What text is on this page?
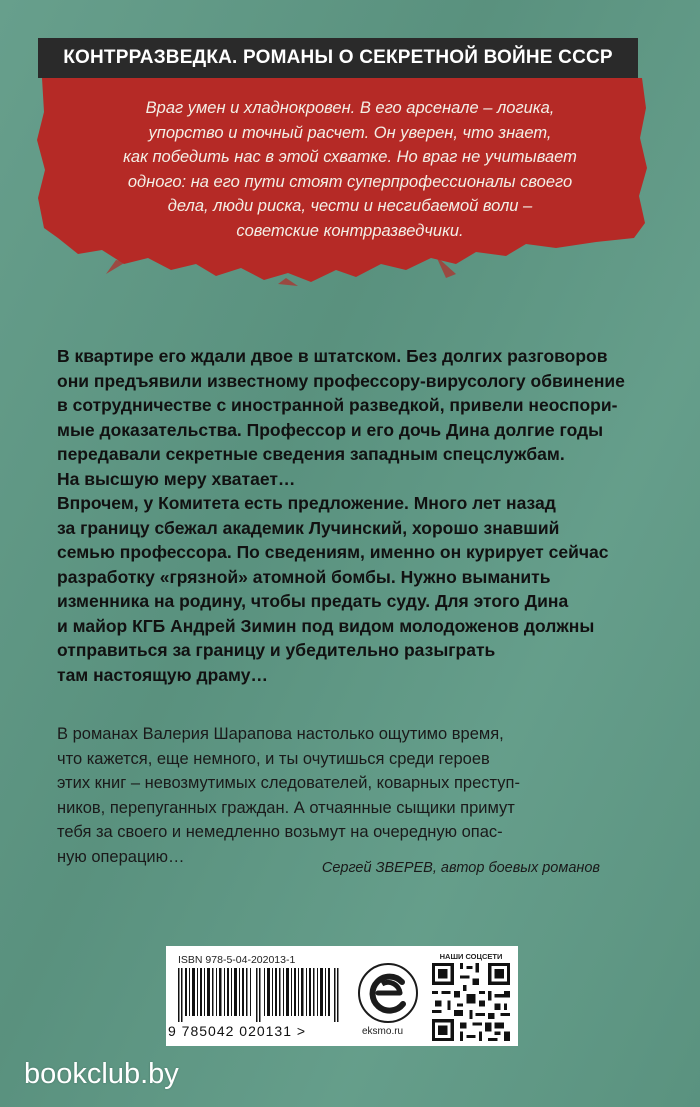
КОНТРРАЗВЕДКА. РОМАНЫ О СЕКРЕТНОЙ ВОЙНЕ СССР
Враг умен и хладнокровен. В его арсенале – логика,
упорство и точный расчет. Он уверен, что знает,
как победить нас в этой схватке. Но враг не учитывает
одного: на его пути стоят суперпрофессионалы своего
дела, люди риска, чести и несгибаемой воли –
советские контрразведчики.

В квартире его ждали двое в штатском. Без долгих разговоров

они предъявили известному профессору-вирусологу обвинение

в сотрудничестве с иностранной разведкой, привели неоспори-

мые доказательства. Профессор и его дочь Дина долгие годы

передавали секретные сведения западным спецслужбам.

На высшую меру хватает…

Впрочем, у Комитета есть предложение. Много лет назад

за границу сбежал академик Лучинский, хорошо знавший

семью профессора. По сведениям, именно он курирует сейчас

разработку «грязной» атомной бомбы. Нужно выманить

изменника на родину, чтобы предать суду. Для этого Дина

и майор КГБ Андрей Зимин под видом молодоженов должны

отправиться за границу и убедительно разыграть

там настоящую драму…

В романах Валерия Шарапова настолько ощутимо время,

что кажется, еще немного, и ты очутишься среди героев

этих книг – невозмутимых следователей, коварных преступ-

ников, перепуганных граждан. А отчаянные сыщики примут

тебя за своего и немедленно возьмут на очередную опас-

ную операцию…

Сергей ЗВЕРЕВ, автор боевых романов
ISBN 978-5-04-202013-1
9 785042 020131 >	eksmo.ru
НАШИ СОЦСЕТИ
bookclub.by
